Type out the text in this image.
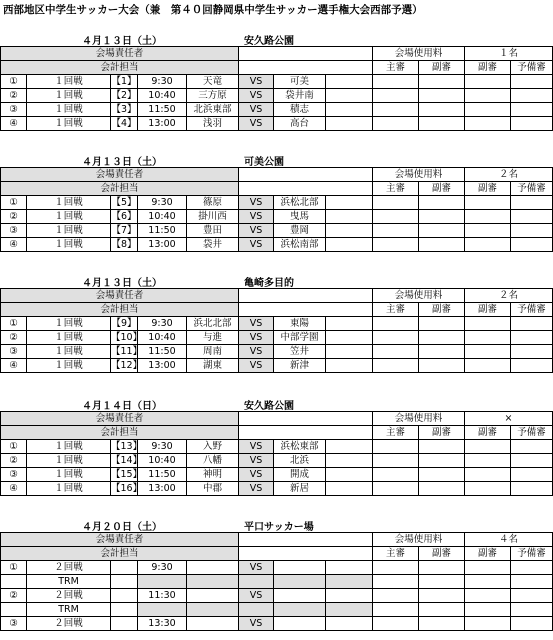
西部地区中学生サッカー大会（兼　第４０回静岡県中学生サッカー選手権大会西部予選）
４月１３日（土）	安久路公園
会場責任者								会場使用料		１名	
会計担当								主審	副審	副審	予備審
①	１回戦	【1】	9:30	天竜	VS	可美					
②	１回戦	【2】	10:40	三方原	VS	袋井南					
③	１回戦	【3】	11:50	北浜東部	VS	積志					
④	１回戦	【4】	13:00	浅羽	VS	高台					
４月１３日（土）	可美公園
会場責任者								会場使用料		２名	
会計担当								主審	副審	副審	予備審
①	１回戦	【5】	9:30	篠原	VS	浜松北部					
②	１回戦	【6】	10:40	掛川西	VS	曳馬					
③	１回戦	【7】	11:50	豊田	VS	豊岡					
④	１回戦	【8】	13:00	袋井	VS	浜松南部					
４月１３日（土）	亀崎多目的
会場責任者								会場使用料		２名	
会計担当								主審	副審	副審	予備審
①	１回戦	【9】	9:30	浜北北部	VS	東陽					
②	１回戦	【10】	10:40	与進	VS	中部学園					
③	１回戦	【11】	11:50	周南	VS	笠井					
④	１回戦	【12】	13:00	湖東	VS	新津					
４月１４日（日）	安久路公園
会場責任者								会場使用料		×	
会計担当								主審	副審	副審	予備審
①	１回戦	【13】	9:30	入野	VS	浜松東部					
②	１回戦	【14】	10:40	八幡	VS	北浜					
③	１回戦	【15】	11:50	神明	VS	開成					
④	１回戦	【16】	13:00	中郡	VS	新居					
４月２０日（土）	平口サッカー場
会場責任者								会場使用料		４名	
会計担当								主審	副審	副審	予備審
①	２回戦		9:30		VS						
	TRM										
②	２回戦		11:30		VS						
	TRM										
③	２回戦		13:30		VS						
